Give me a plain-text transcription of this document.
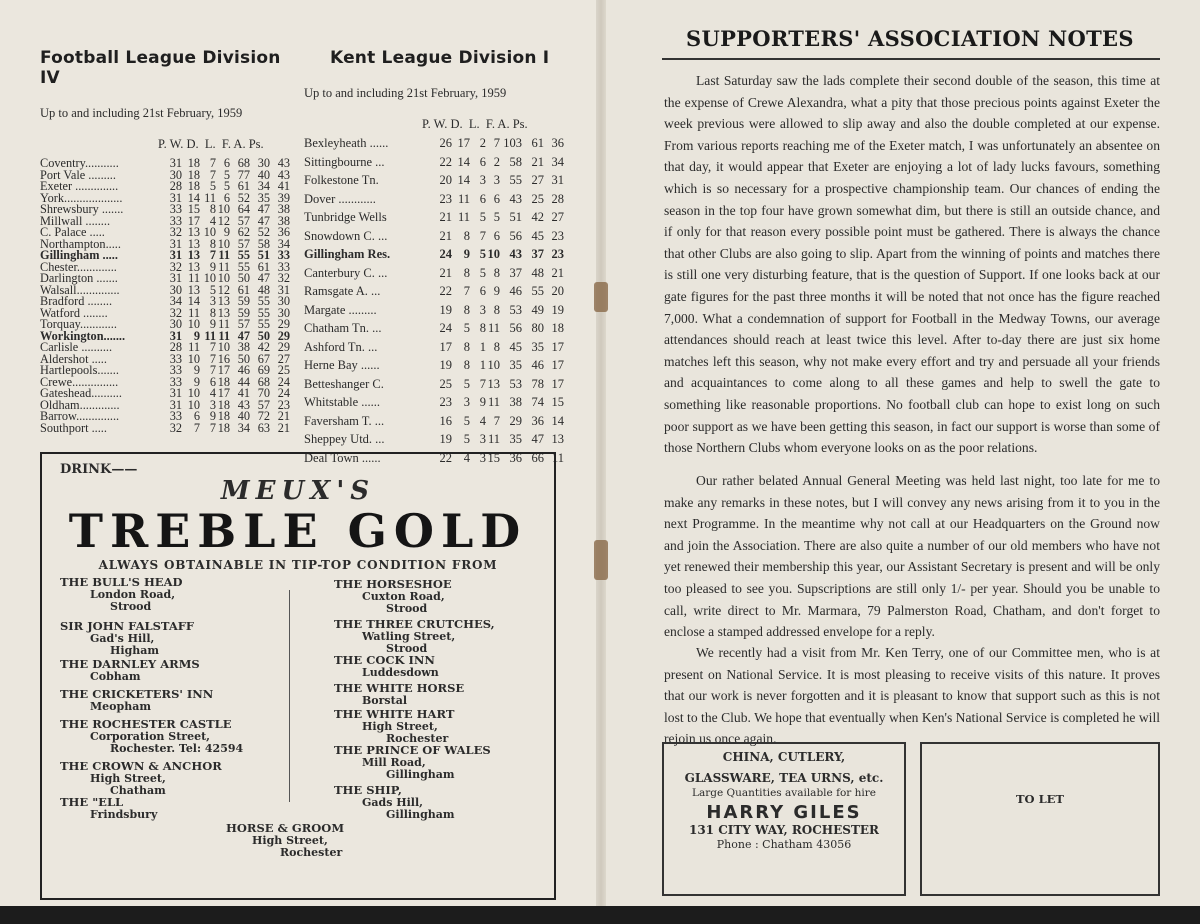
Football League Division IV
Up to and including 21st February, 1959
P. W. D.  L.  F. A. Ps.
Coventry...........	31 18 7 6 68 30 43
Port Vale .........	30 18 7 5 77 40 43
Exeter ..............	28 18 5 5 61 34 41
York...................	31 14 11 6 52 35 39
Shrewsbury .......	33 15 8 10 64 47 38
Millwall ........	33 17 4 12 57 47 38
C. Palace .....	32 13 10 9 62 52 36
Northampton.....	31 13 8 10 57 58 34
Gillingham .....	31 13 7 11 55 51 33
Chester.............	32 13 9 11 55 61 33
Darlington .......	31 11 10 10 50 47 32
Walsall..............	30 13 5 12 61 48 31
Bradford ........	34 14 3 13 59 55 30
Watford ........	32 11 8 13 59 55 30
Torquay............	30 10 9 11 57 55 29
Workington.......	31 9 11 11 47 50 29
Carlisle ..........	28 11 7 10 38 42 29
Aldershot .....	33 10 7 16 50 67 27
Hartlepools.......	33 9 7 17 46 69 25
Crewe...............	33 9 6 18 44 68 24
Gateshead..........	31 10 4 17 41 70 24
Oldham.............	31 10 3 18 43 57 23
Barrow..............	33 6 9 18 40 72 21
Southport .....	32 7 7 18 34 63 21
Kent League Division I
Up to and including 21st February, 1959
P. W. D.  L.  F. A. Ps.
Bexleyheath ......	26 17 2 7 103 61 36
Sittingbourne ...	22 14 6 2 58 21 34
Folkestone Tn.	20 14 3 3 55 27 31
Dover ............	23 11 6 6 43 25 28
Tunbridge Wells	21 11 5 5 51 42 27
Snowdown C. ...	21 8 7 6 56 45 23
Gillingham Res.	24 9 5 10 43 37 23
Canterbury C. ...	21 8 5 8 37 48 21
Ramsgate A. ...	22 7 6 9 46 55 20
Margate .........	19 8 3 8 53 49 19
Chatham Tn. ...	24 5 8 11 56 80 18
Ashford Tn. ...	17 8 1 8 45 35 17
Herne Bay ......	19 8 1 10 35 46 17
Betteshanger C.	25 5 7 13 53 78 17
Whitstable ......	23 3 9 11 38 74 15
Faversham T. ...	16 5 4 7 29 36 14
Sheppey Utd. ...	19 5 3 11 35 47 13
Deal Town ......	22 4 3 15 36 66 11
DRINK——
MEUX'S
TREBLE GOLD
ALWAYS OBTAINABLE IN TIP-TOP CONDITION FROM
THE BULL'S HEAD
London Road,
Strood
SIR JOHN FALSTAFF
Gad's Hill,
Higham
THE DARNLEY ARMS
Cobham
THE CRICKETERS' INN
Meopham
THE ROCHESTER CASTLE
Corporation Street,
Rochester. Tel: 42594
THE CROWN & ANCHOR
High Street,
Chatham
THE "ELL
Frindsbury
THE HORSESHOE
Cuxton Road,
Strood
THE THREE CRUTCHES,
Watling Street,
Strood
THE COCK INN
Luddesdown
THE WHITE HORSE
Borstal
THE WHITE HART
High Street,
Rochester
THE PRINCE OF WALES
Mill Road,
Gillingham
THE SHIP,
Gads Hill,
Gillingham
HORSE & GROOM
High Street,
Rochester
SUPPORTERS' ASSOCIATION NOTES

Last Saturday saw the lads complete their second double of the season, this time at the expense of Crewe Alexandra, what a pity that those precious points against Exeter the week previous were allowed to slip away and also the double completed at our expense. From various reports reaching me of the Exeter match, I was unfortunately an absentee on that day, it would appear that Exeter are enjoying a lot of lady lucks favours, something which is so necessary for a prospective championship team. Our chances of ending the season in the top four have grown somewhat dim, but there is still an outside chance, and if only for that reason every possible point must be gathered. There is always the chance that other Clubs are also going to slip. Apart from the winning of points and matches there is still one very disturbing feature, that is the question of Support. If one looks back at our gate figures for the past three months it will be noted that not once has the figure reached 7,000. What a condemnation of support for Football in the Medway Towns, our average attendances should reach at least twice this level. After to-day there are just six home matches left this season, why not make every effort and try and persuade all your friends and acquaintances to come along to all these games and help to swell the gate to something like reasonable proportions. No football club can hope to exist long on such poor support as we have been getting this season, in fact our support is worse than some of those Northern Clubs whom everyone looks on as the poor relations.

Our rather belated Annual General Meeting was held last night, too late for me to make any remarks in these notes, but I will convey any news arising from it to you in the next Programme. In the meantime why not call at our Headquarters on the Ground now and join the Association. There are also quite a number of our old members who have not yet renewed their membership this year, our Assistant Secretary is present and will be only too pleased to see you. Supscriptions are still only 1/- per year. Should you be unable to call, write direct to Mr. Marmara, 79 Palmerston Road, Chatham, and don't forget to enclose a stamped addressed envelope for a reply.

We recently had a visit from Mr. Ken Terry, one of our Committee men, who is at present on National Service. It is most pleasing to receive visits of this nature. It proves that our work is never forgotten and it is pleasant to know that support such as this is not lost to the Club. We hope that eventually when Ken's National Service is completed he will rejoin us once again.

CHINA, CUTLERY,
GLASSWARE, TEA URNS, etc.
Large Quantities available for hire
HARRY GILES
131 CITY WAY, ROCHESTER
Phone : Chatham 43056
TO LET
